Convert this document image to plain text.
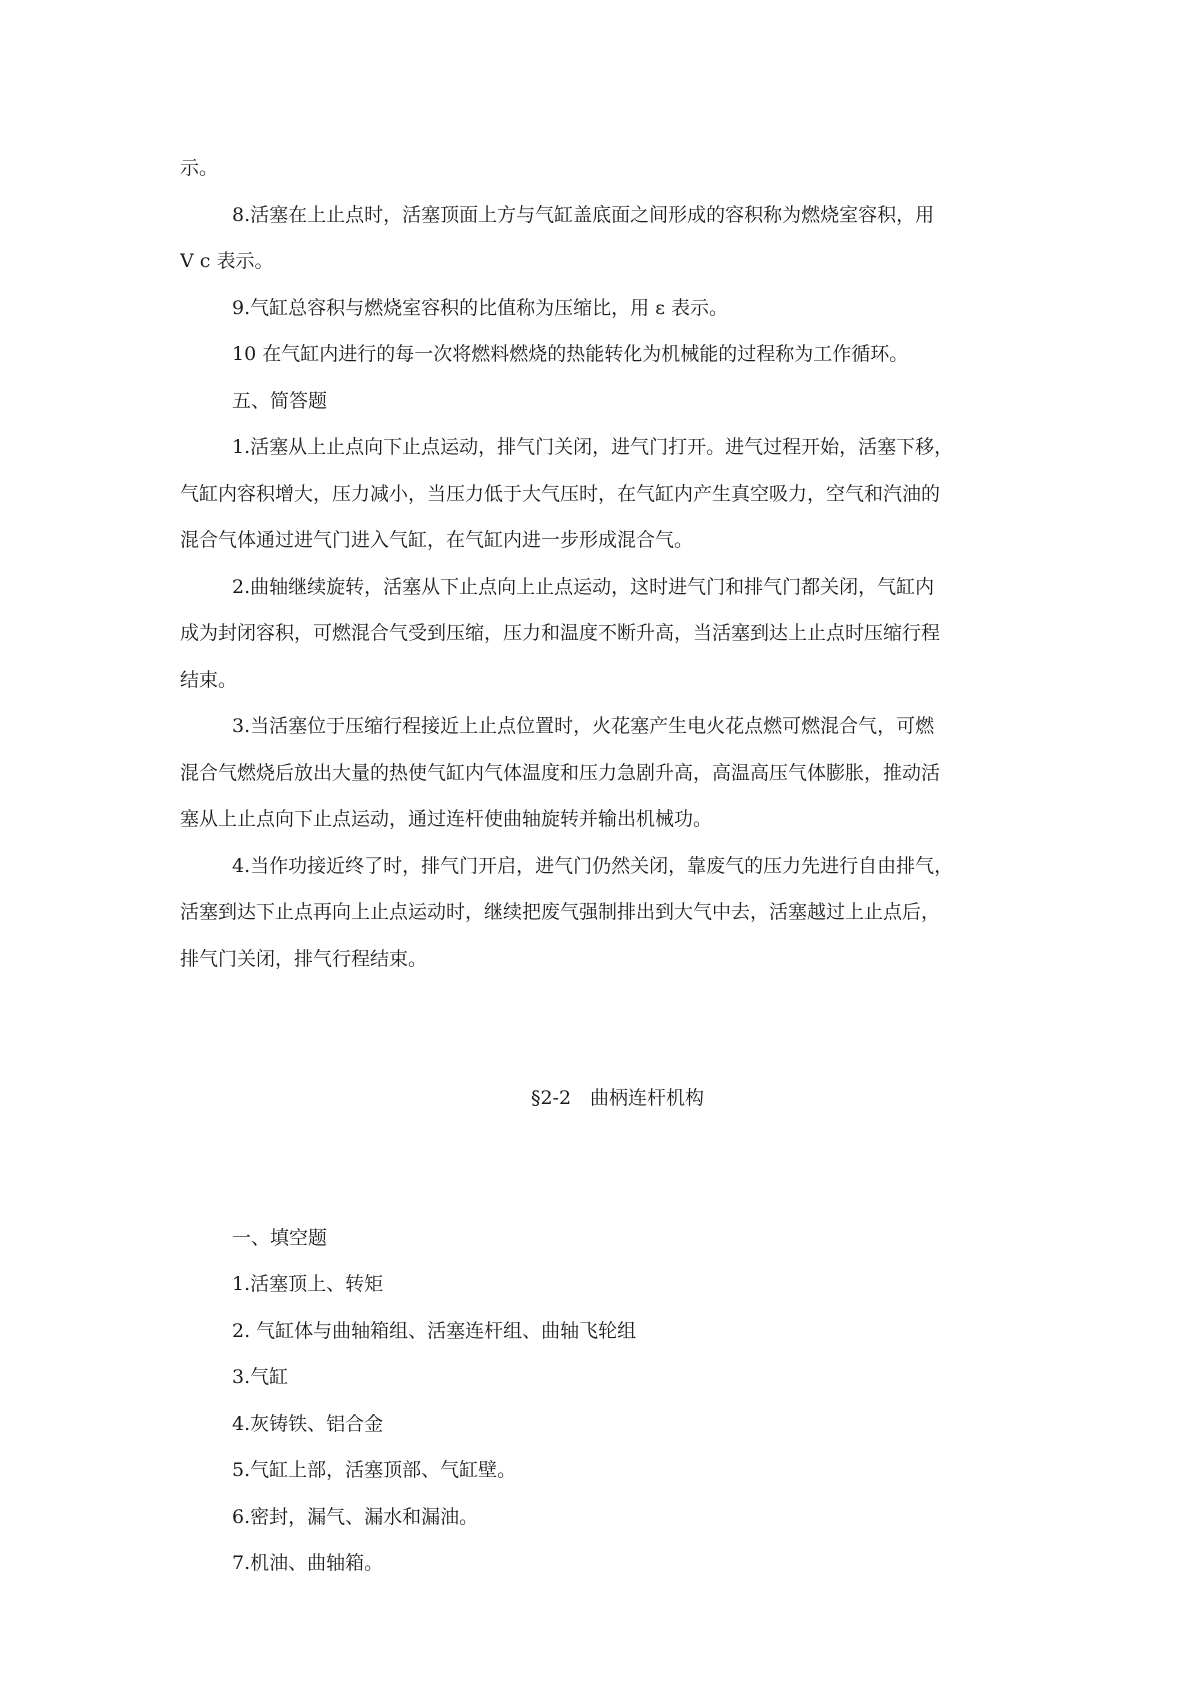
示。
8.活塞在上止点时，活塞顶面上方与气缸盖底面之间形成的容积称为燃烧室容积，用
V c 表示。
9.气缸总容积与燃烧室容积的比值称为压缩比，用 ε 表示。
10 在气缸内进行的每一次将燃料燃烧的热能转化为机械能的过程称为工作循环。
五、简答题
1.活塞从上止点向下止点运动，排气门关闭，进气门打开。进气过程开始，活塞下移，
气缸内容积增大，压力减小，当压力低于大气压时，在气缸内产生真空吸力，空气和汽油的
混合气体通过进气门进入气缸，在气缸内进一步形成混合气。
2.曲轴继续旋转，活塞从下止点向上止点运动，这时进气门和排气门都关闭，气缸内
成为封闭容积，可燃混合气受到压缩，压力和温度不断升高，当活塞到达上止点时压缩行程
结束。
3.当活塞位于压缩行程接近上止点位置时，火花塞产生电火花点燃可燃混合气，可燃
混合气燃烧后放出大量的热使气缸内气体温度和压力急剧升高，高温高压气体膨胀，推动活
塞从上止点向下止点运动，通过连杆使曲轴旋转并输出机械功。
4.当作功接近终了时，排气门开启，进气门仍然关闭，靠废气的压力先进行自由排气，
活塞到达下止点再向上止点运动时，继续把废气强制排出到大气中去，活塞越过上止点后，
排气门关闭，排气行程结束。
§2-2　曲柄连杆机构
一、填空题
1.活塞顶上、转矩
2. 气缸体与曲轴箱组、活塞连杆组、曲轴飞轮组
3.气缸
4.灰铸铁、铝合金
5.气缸上部，活塞顶部、气缸壁。
6.密封，漏气、漏水和漏油。
7.机油、曲轴箱。
